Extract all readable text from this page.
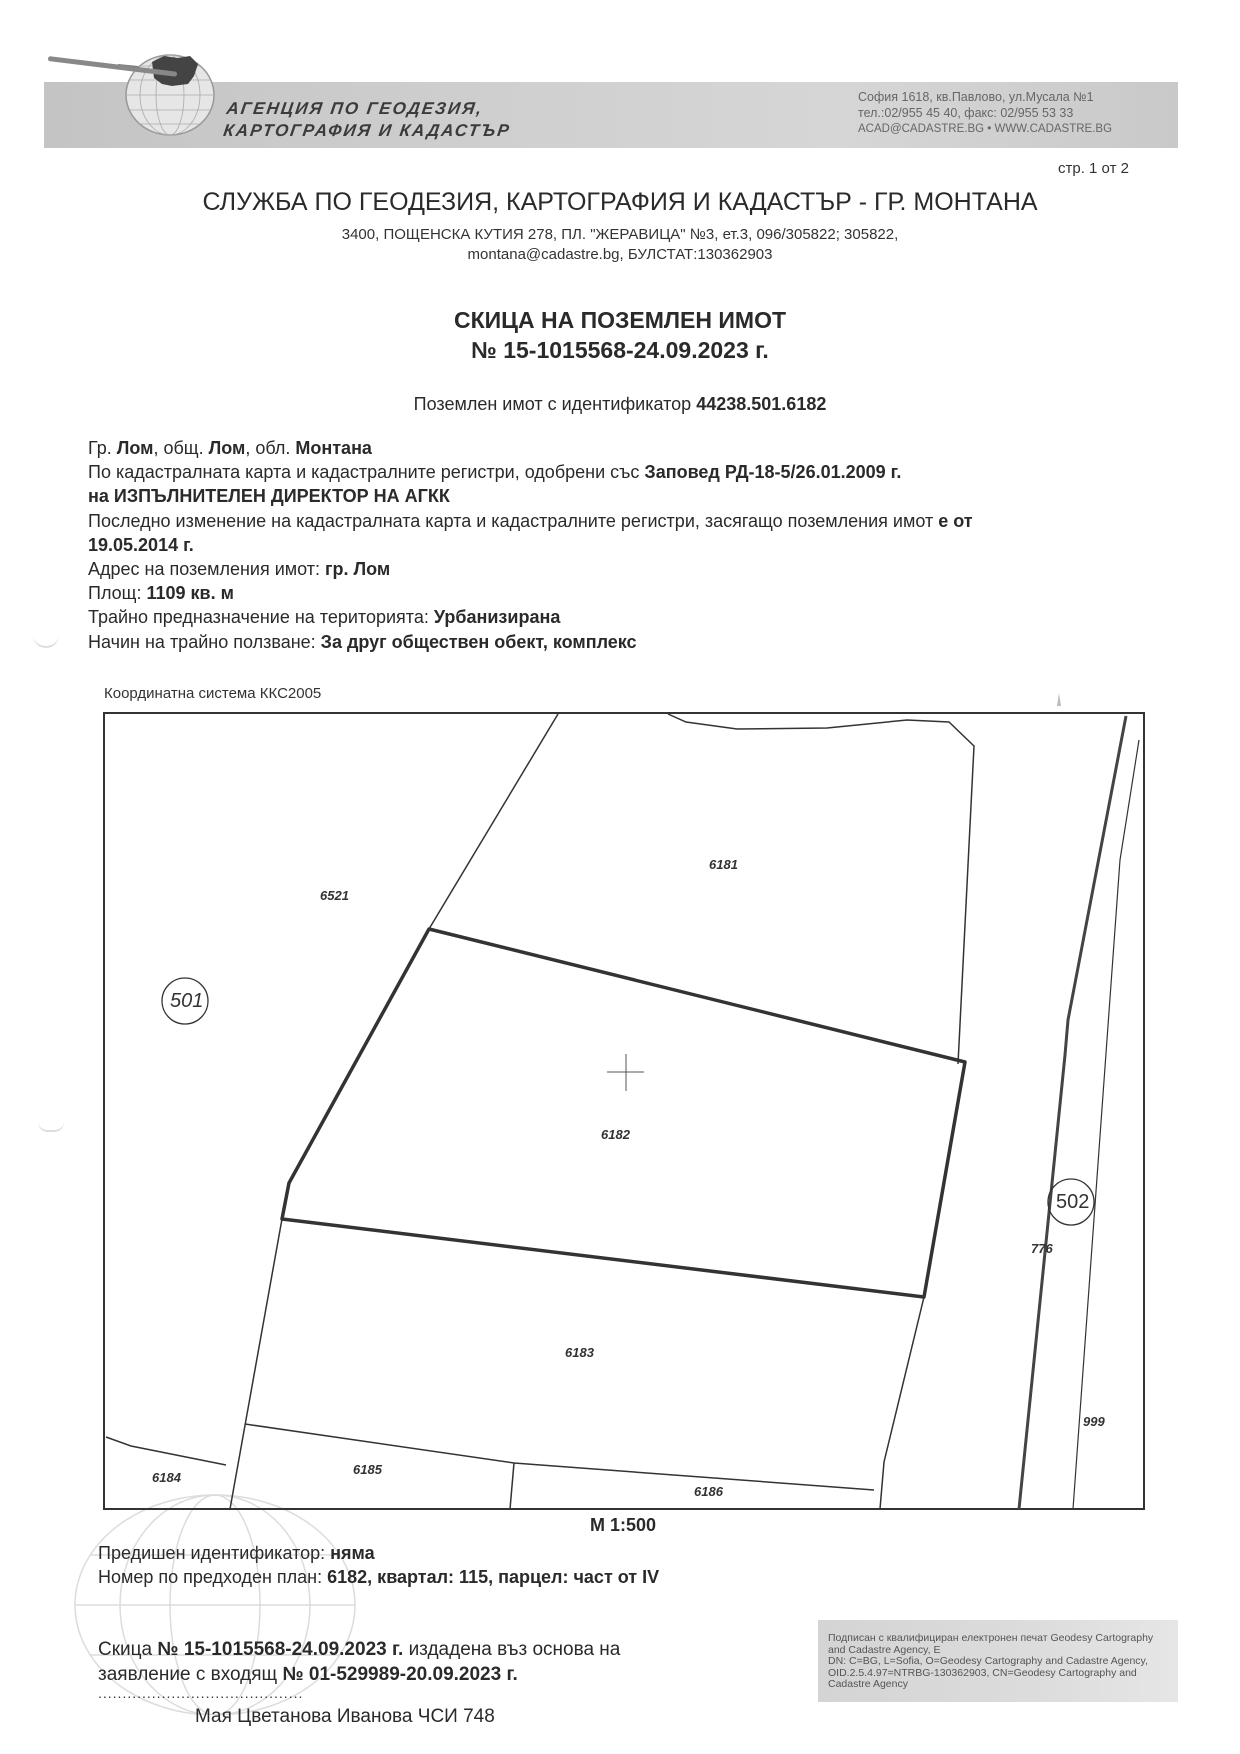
АГЕНЦИЯ ПО ГЕОДЕЗИЯ,
КАРТОГРАФИЯ И КАДАСТЪР
София 1618, кв.Павлово, ул.Мусала №1
тел.:02/955 45 40, факс: 02/955 53 33
ACAD@CADASTRE.BG • WWW.CADASTRE.BG
стр. 1 от 2
СЛУЖБА ПО ГЕОДЕЗИЯ, КАРТОГРАФИЯ И КАДАСТЪР - ГР. МОНТАНА
3400, ПОЩЕНСКА КУТИЯ 278, ПЛ. "ЖЕРАВИЦА" №3, ет.3, 096/305822; 305822,
montana@cadastre.bg, БУЛСТАТ:130362903
СКИЦА НА ПОЗЕМЛЕН ИМОТ
№ 15-1015568-24.09.2023 г.
Поземлен имот с идентификатор 44238.501.6182
Гр. Лом, общ. Лом, обл. Монтана
По кадастралната карта и кадастралните регистри, одобрени със Заповед РД-18-5/26.01.2009 г.
на ИЗПЪЛНИТЕЛЕН ДИРЕКТОР НА АГКК
Последно изменение на кадастралната карта и кадастралните регистри, засягащо поземления имот е от
19.05.2014 г.
Адрес на поземления имот: гр. Лом
Площ: 1109 кв. м
Трайно предназначение на територията: Урбанизирана
Начин на трайно ползване: За друг обществен обект, комплекс
Координатна система ККС2005
6521
6181
6182
6183
6184
6185
6186
776
999
501
502
М 1:500
Предишен идентификатор: няма
Номер по предходен план: 6182, квартал: 115, парцел: част от IV
Скица № 15-1015568-24.09.2023 г. издадена въз основа на
заявление с входящ № 01-529989-20.09.2023 г.
..........................................
Мая Цветанова Иванова ЧСИ 748
Подписан с квалифициран електронен печат Geodesy Cartography
and Cadastre Agency, E
DN: C=BG, L=Sofia, O=Geodesy Cartography and Cadastre Agency,
OID.2.5.4.97=NTRBG-130362903, CN=Geodesy Cartography and
Cadastre Agency
